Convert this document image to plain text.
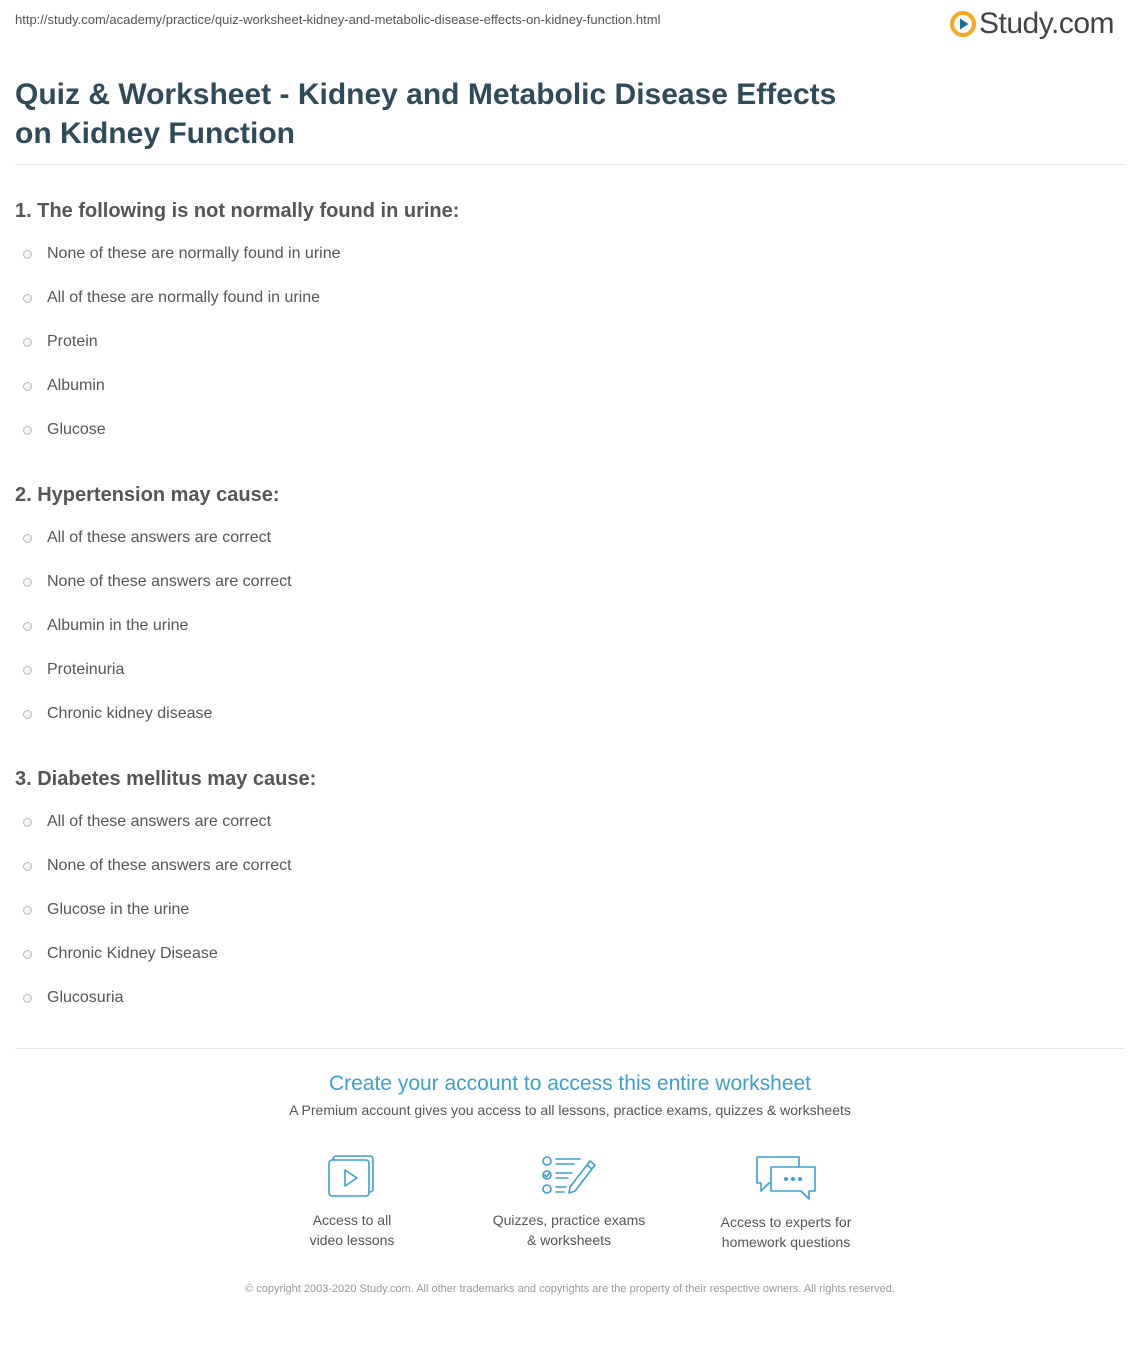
http://study.com/academy/practice/quiz-worksheet-kidney-and-metabolic-disease-effects-on-kidney-function.html	Study.com
Quiz & Worksheet - Kidney and Metabolic Disease Effects on Kidney Function
1. The following is not normally found in urine:
None of these are normally found in urine
All of these are normally found in urine
Protein
Albumin
Glucose
2. Hypertension may cause:
All of these answers are correct
None of these answers are correct
Albumin in the urine
Proteinuria
Chronic kidney disease
3. Diabetes mellitus may cause:
All of these answers are correct
None of these answers are correct
Glucose in the urine
Chronic Kidney Disease
Glucosuria
Create your account to access this entire worksheet
A Premium account gives you access to all lessons, practice exams, quizzes & worksheets
Access to all
video lessons
Quizzes, practice exams
& worksheets
Access to experts for
homework questions
© copyright 2003-2020 Study.com. All other trademarks and copyrights are the property of their respective owners. All rights reserved.
